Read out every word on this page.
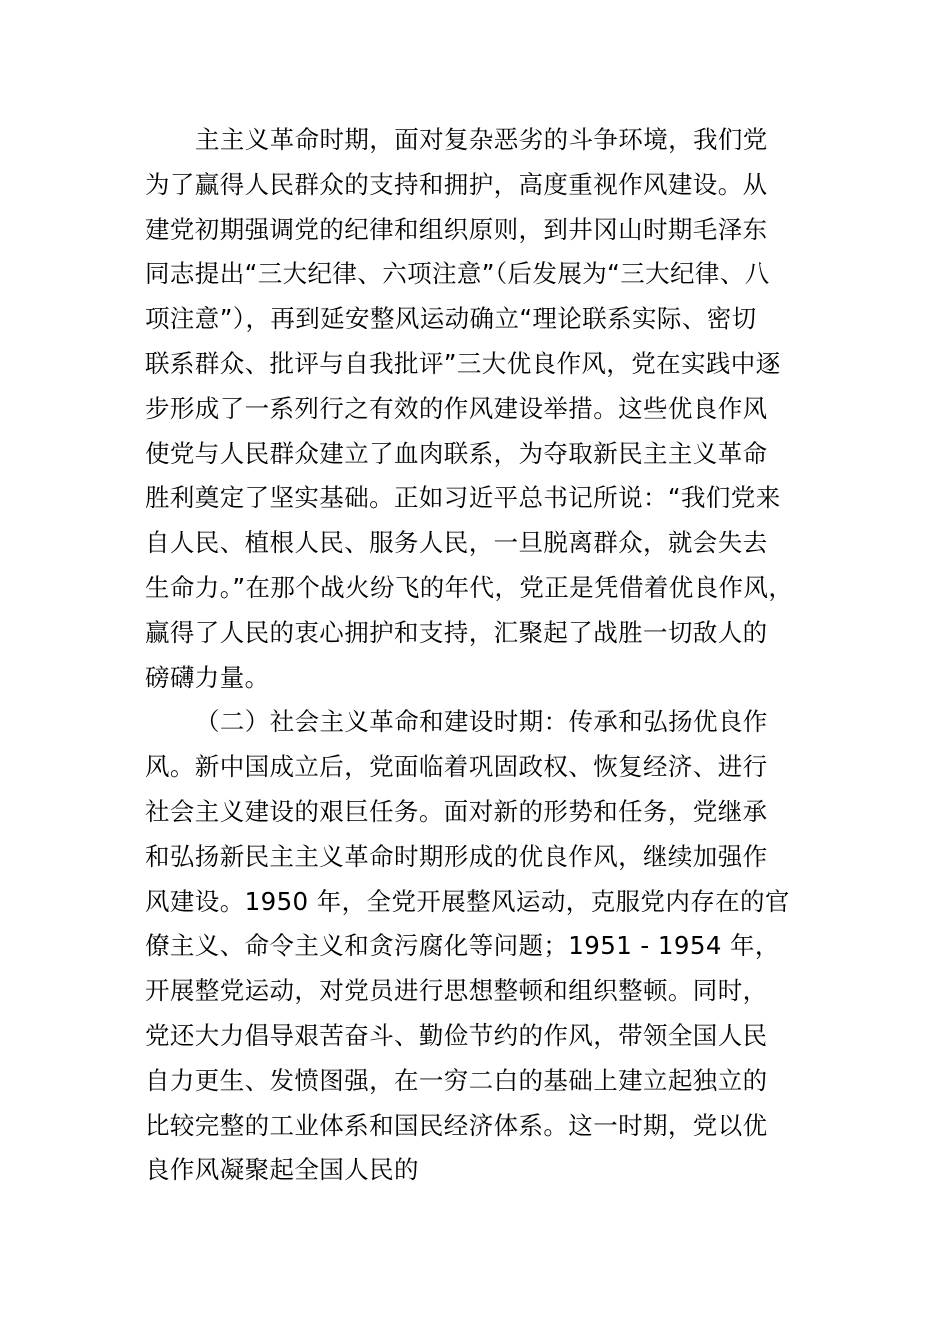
主主义革命时期，面对复杂恶劣的斗争环境，我们党
为了赢得人民群众的支持和拥护，高度重视作风建设。从
建党初期强调党的纪律和组织原则，到井冈山时期毛泽东
同志提出“三大纪律、六项注意”（后发展为“三大纪律、八
项注意”），再到延安整风运动确立“理论联系实际、密切
联系群众、批评与自我批评”三大优良作风，党在实践中逐
步形成了一系列行之有效的作风建设举措。这些优良作风
使党与人民群众建立了血肉联系，为夺取新民主主义革命
胜利奠定了坚实基础。正如习近平总书记所说：“我们党来
自人民、植根人民、服务人民，一旦脱离群众，就会失去
生命力。”在那个战火纷飞的年代，党正是凭借着优良作风，
赢得了人民的衷心拥护和支持，汇聚起了战胜一切敌人的
磅礴力量。
（二）社会主义革命和建设时期：传承和弘扬优良作
风。新中国成立后，党面临着巩固政权、恢复经济、进行
社会主义建设的艰巨任务。面对新的形势和任务，党继承
和弘扬新民主主义革命时期形成的优良作风，继续加强作
风建设。1950 年，全党开展整风运动，克服党内存在的官
僚主义、命令主义和贪污腐化等问题；1951 - 1954 年，
开展整党运动，对党员进行思想整顿和组织整顿。同时，
党还大力倡导艰苦奋斗、勤俭节约的作风，带领全国人民
自力更生、发愤图强，在一穷二白的基础上建立起独立的
比较完整的工业体系和国民经济体系。这一时期，党以优
良作风凝聚起全国人民的
